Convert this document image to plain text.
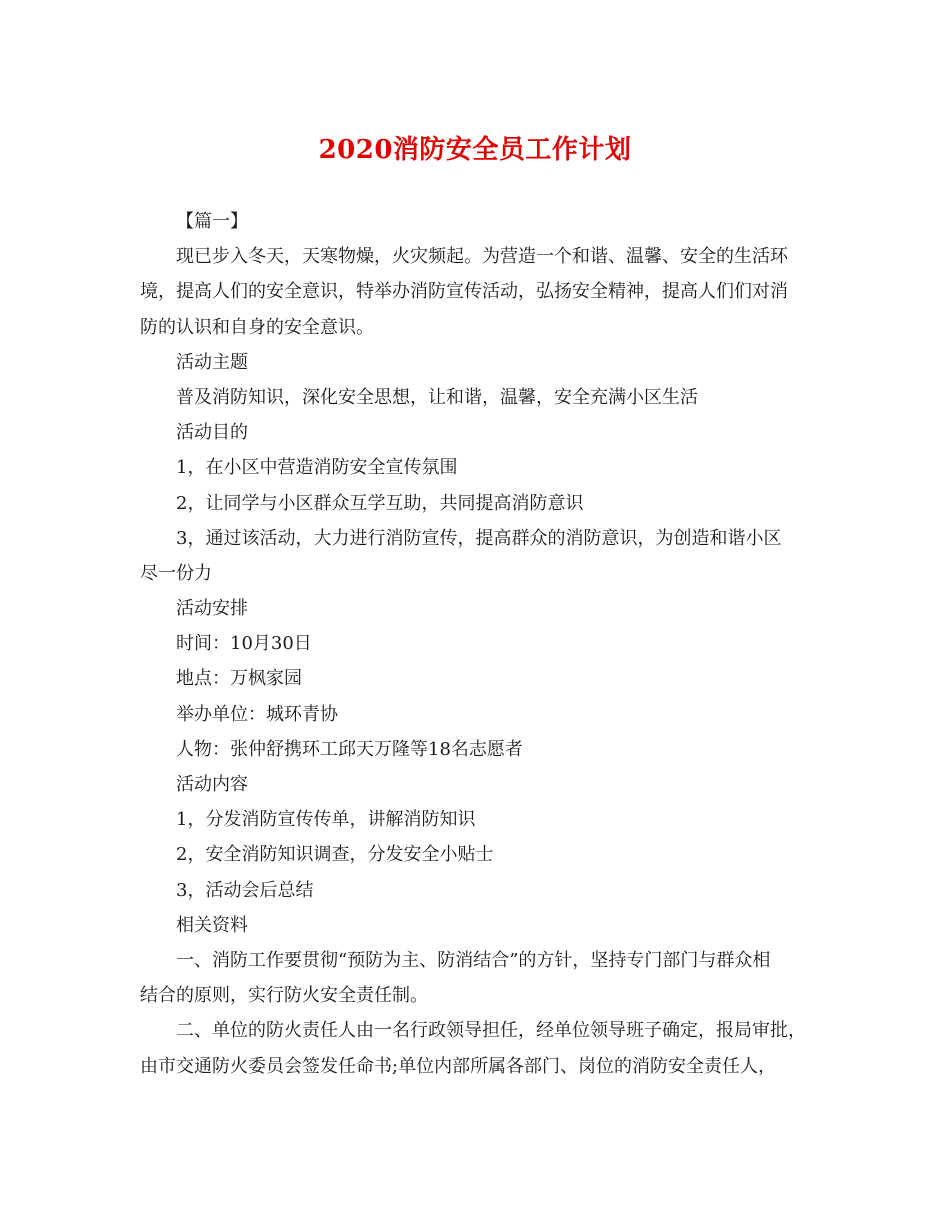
2020消防安全员工作计划
【篇一】
现已步入冬天，天寒物燥，火灾频起。为营造一个和谐、温馨、安全的生活环
境，提高人们的安全意识，特举办消防宣传活动，弘扬安全精神，提高人们们对消
防的认识和自身的安全意识。
活动主题
普及消防知识，深化安全思想，让和谐，温馨，安全充满小区生活
活动目的
1，在小区中营造消防安全宣传氛围
2，让同学与小区群众互学互助，共同提高消防意识
3，通过该活动，大力进行消防宣传，提高群众的消防意识，为创造和谐小区
尽一份力
活动安排
时间：10月30日
地点：万枫家园
举办单位：城环青协
人物：张仲舒携环工邱天万隆等18名志愿者
活动内容
1，分发消防宣传传单，讲解消防知识
2，安全消防知识调查，分发安全小贴士
3，活动会后总结
相关资料
一、消防工作要贯彻“预防为主、防消结合”的方针，坚持专门部门与群众相
结合的原则，实行防火安全责任制。
二、单位的防火责任人由一名行政领导担任，经单位领导班子确定，报局审批，
由市交通防火委员会签发任命书;单位内部所属各部门、岗位的消防安全责任人，
